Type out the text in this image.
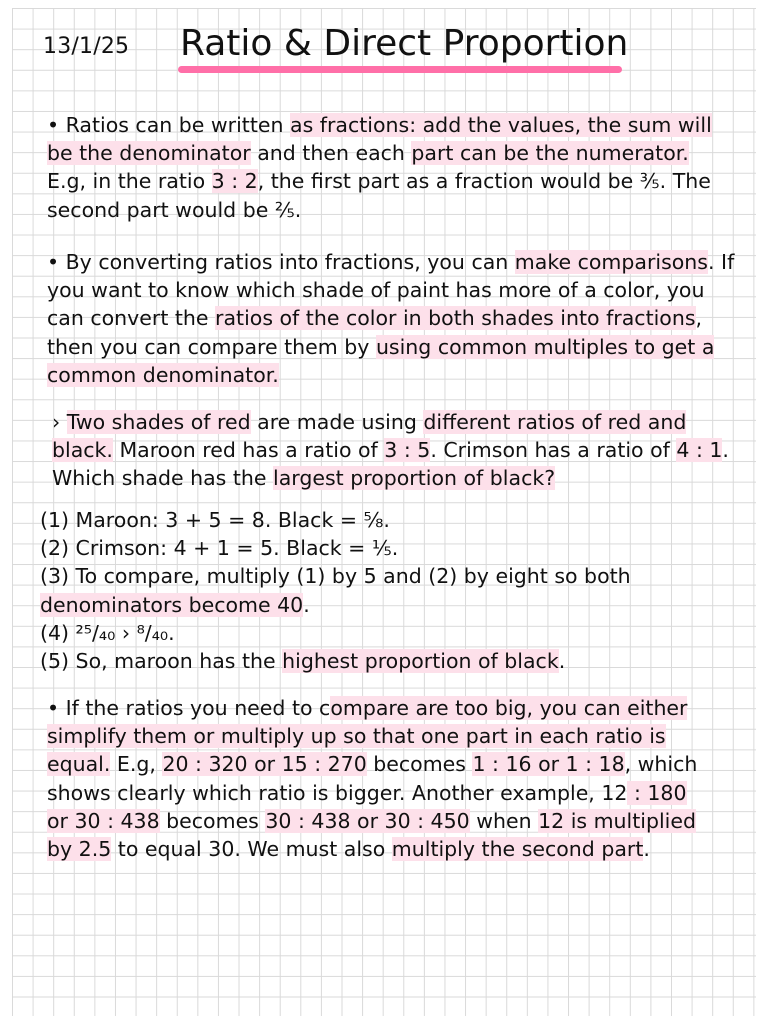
13/1/25 Ratio & Direct Proportion
• Ratios can be written as fractions: add the values, the sum will
be the denominator and then each part can be the numerator.
E.g, in the ratio 3 : 2, the first part as a fraction would be ⅗. The
second part would be ⅖.
• By converting ratios into fractions, you can make comparisons. If
you want to know which shade of paint has more of a color, you
can convert the ratios of the color in both shades into fractions,
then you can compare them by using common multiples to get a
common denominator.
› Two shades of red are made using different ratios of red and
black. Maroon red has a ratio of 3 : 5. Crimson has a ratio of 4 : 1.
Which shade has the largest proportion of black?
(1) Maroon: 3 + 5 = 8. Black = ⅝.
(2) Crimson: 4 + 1 = 5. Black = ⅕.
(3) To compare, multiply (1) by 5 and (2) by eight so both
denominators become 40.
(4) ²⁵/₄₀ › ⁸/₄₀.
(5) So, maroon has the highest proportion of black.
• If the ratios you need to compare are too big, you can either
simplify them or multiply up so that one part in each ratio is
equal. E.g, 20 : 320 or 15 : 270 becomes 1 : 16 or 1 : 18, which
shows clearly which ratio is bigger. Another example, 12 : 180
or 30 : 438 becomes 30 : 438 or 30 : 450 when 12 is multiplied
by 2.5 to equal 30. We must also multiply the second part.
